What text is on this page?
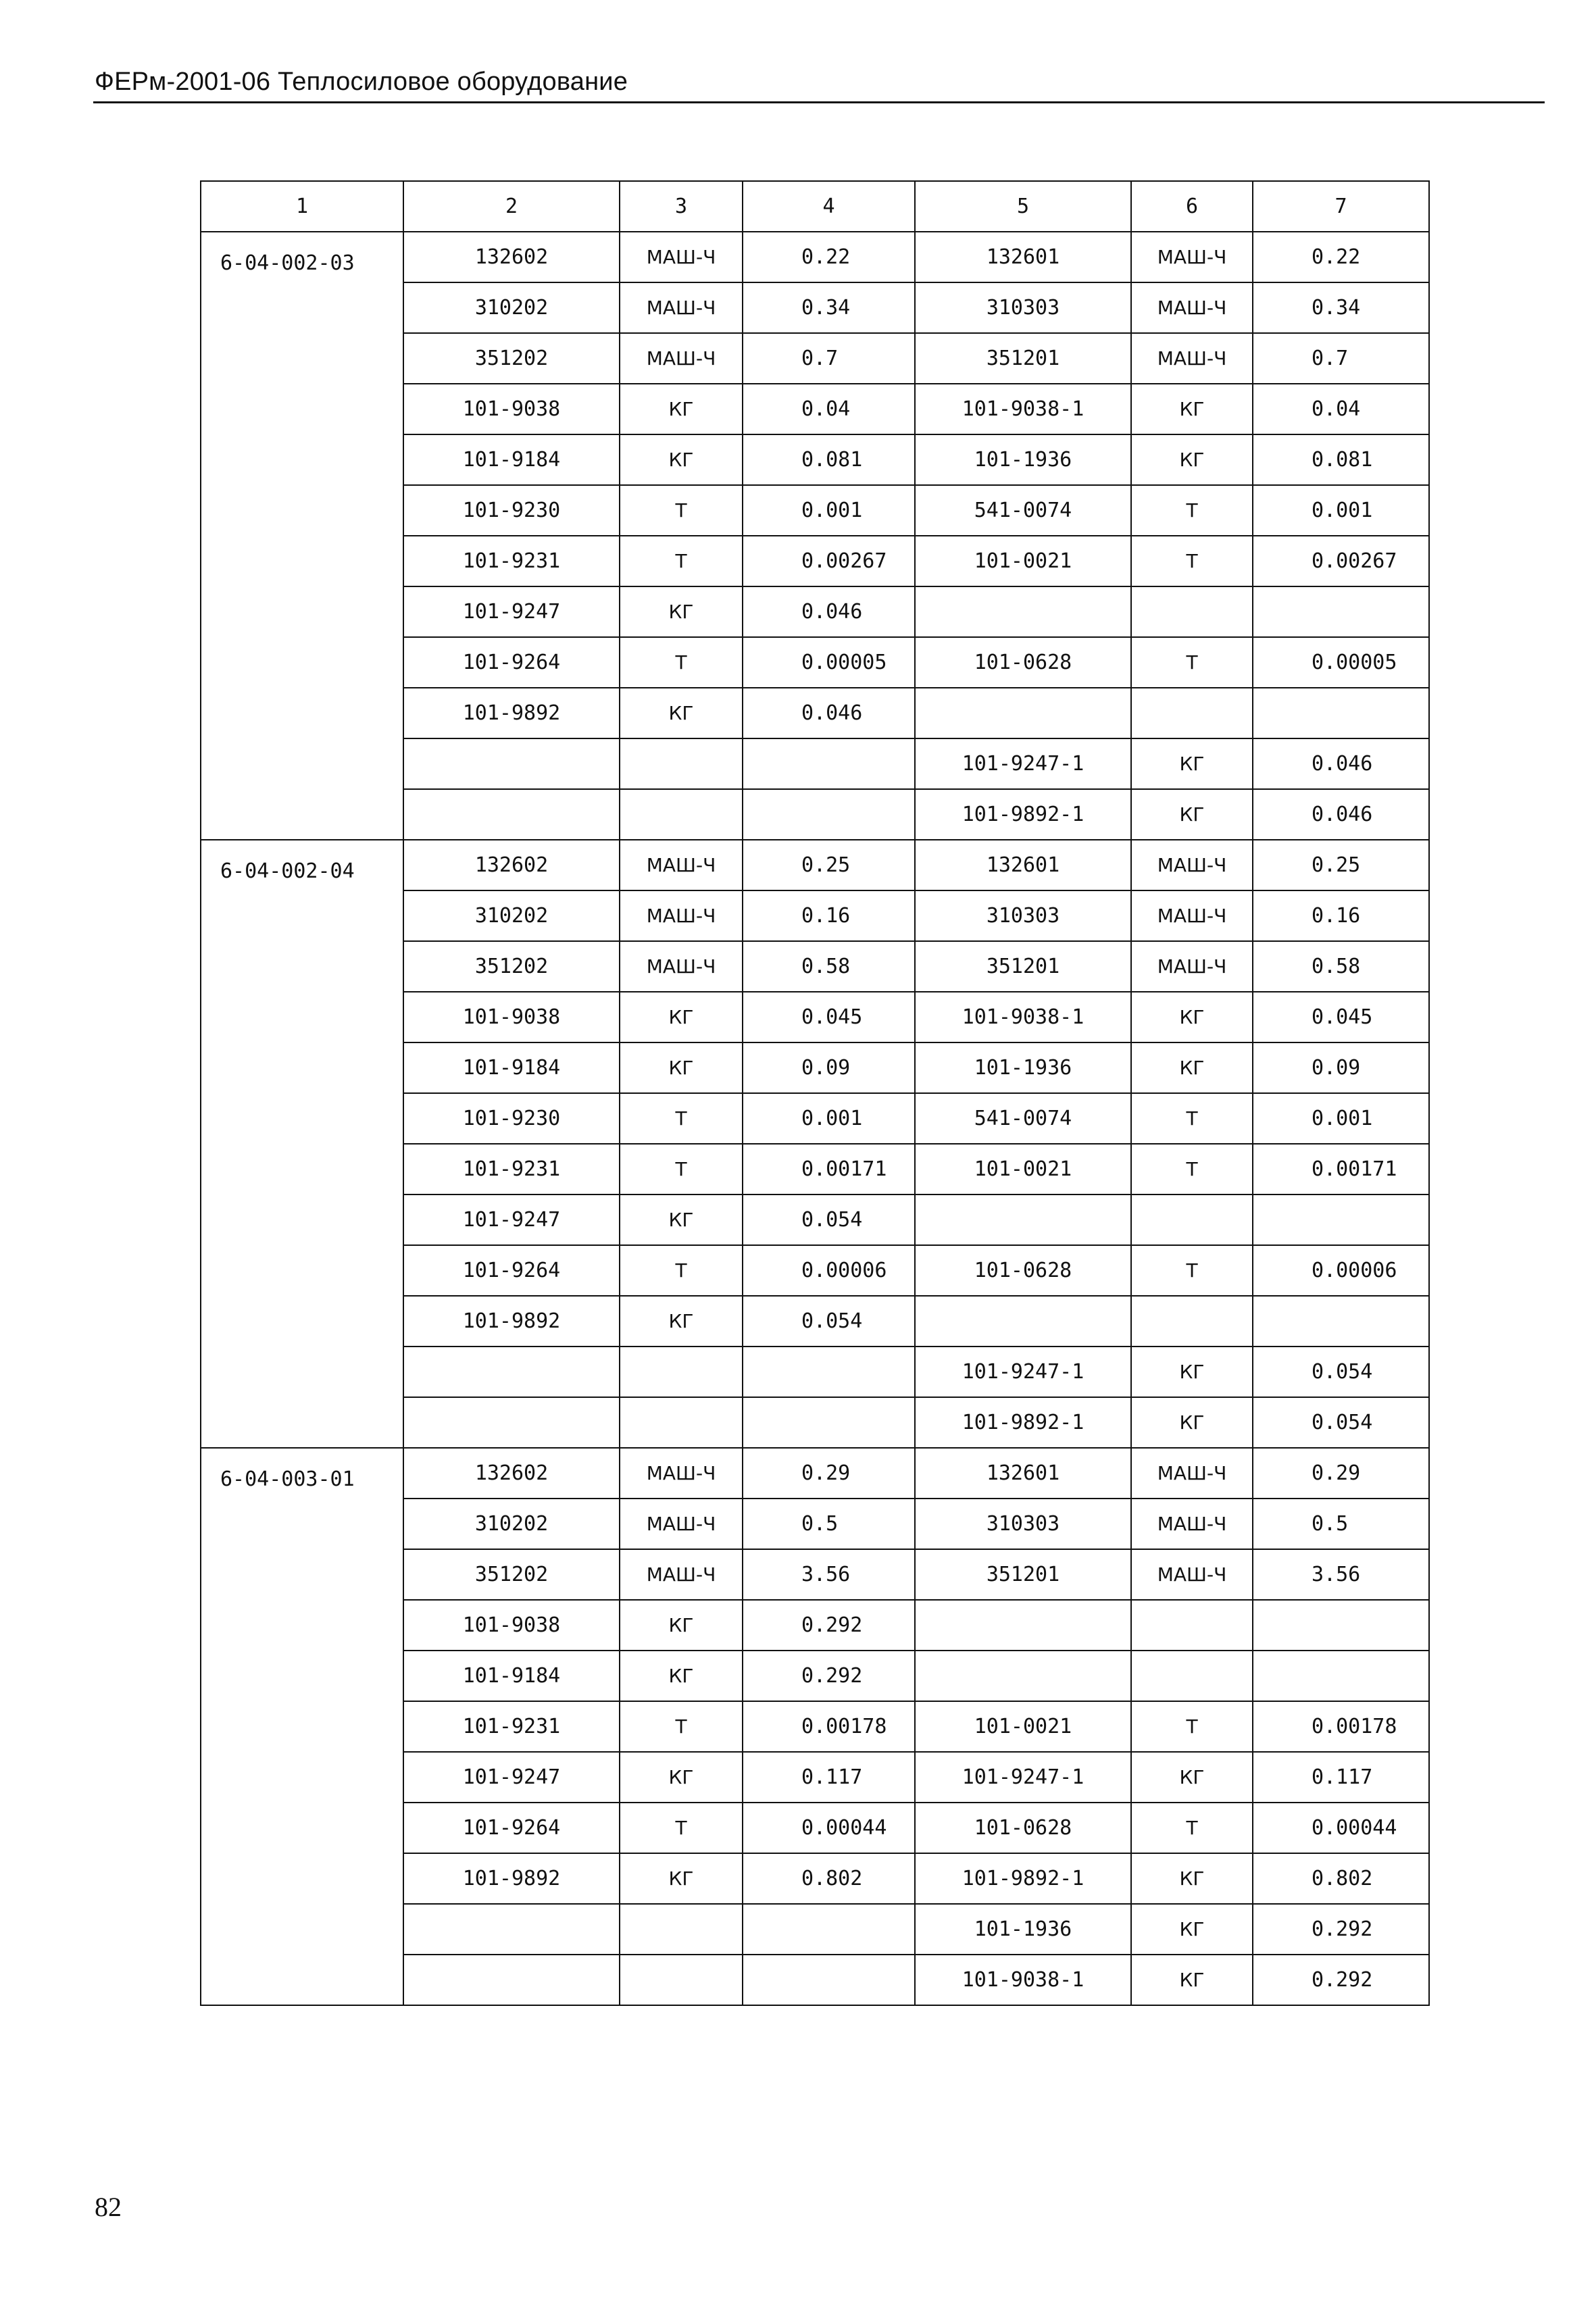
ФЕРм-2001-06 Теплосиловое оборудование
1	2	3	4	5	6	7
6-04-002-03	132602	МАШ-Ч	0.22	132601	МАШ-Ч	0.22
	310202	МАШ-Ч	0.34	310303	МАШ-Ч	0.34
	351202	МАШ-Ч	0.7	351201	МАШ-Ч	0.7
	101-9038	КГ	0.04	101-9038-1	КГ	0.04
	101-9184	КГ	0.081	101-1936	КГ	0.081
	101-9230	Т	0.001	541-0074	Т	0.001
	101-9231	Т	0.00267	101-0021	Т	0.00267
	101-9247	КГ	0.046			
	101-9264	Т	0.00005	101-0628	Т	0.00005
	101-9892	КГ	0.046			
				101-9247-1	КГ	0.046
				101-9892-1	КГ	0.046
6-04-002-04	132602	МАШ-Ч	0.25	132601	МАШ-Ч	0.25
	310202	МАШ-Ч	0.16	310303	МАШ-Ч	0.16
	351202	МАШ-Ч	0.58	351201	МАШ-Ч	0.58
	101-9038	КГ	0.045	101-9038-1	КГ	0.045
	101-9184	КГ	0.09	101-1936	КГ	0.09
	101-9230	Т	0.001	541-0074	Т	0.001
	101-9231	Т	0.00171	101-0021	Т	0.00171
	101-9247	КГ	0.054			
	101-9264	Т	0.00006	101-0628	Т	0.00006
	101-9892	КГ	0.054			
				101-9247-1	КГ	0.054
				101-9892-1	КГ	0.054
6-04-003-01	132602	МАШ-Ч	0.29	132601	МАШ-Ч	0.29
	310202	МАШ-Ч	0.5	310303	МАШ-Ч	0.5
	351202	МАШ-Ч	3.56	351201	МАШ-Ч	3.56
	101-9038	КГ	0.292			
	101-9184	КГ	0.292			
	101-9231	Т	0.00178	101-0021	Т	0.00178
	101-9247	КГ	0.117	101-9247-1	КГ	0.117
	101-9264	Т	0.00044	101-0628	Т	0.00044
	101-9892	КГ	0.802	101-9892-1	КГ	0.802
				101-1936	КГ	0.292
				101-9038-1	КГ	0.292
82
